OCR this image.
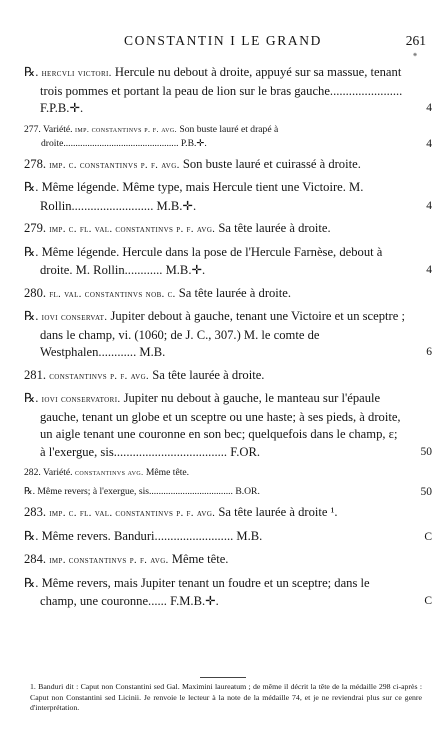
CONSTANTIN I LE GRAND	261
⁕
℞. hercvli victori. Hercule nu debout à droite, appuyé sur sa massue, tenant trois pommes et portant la peau de lion sur le bras gauche....................... F.P.B.✛.	4
277. Variété. imp. constantinvs p. f. avg. Son buste lauré et drapé à droite................................................ P.B.✛.	4
278. imp. c. constantinvs p. f. avg. Son buste lauré et cuirassé à droite.
℞. Même légende. Même type, mais Hercule tient une Victoire. M. Rollin.......................... M.B.✛.	4
279. imp. c. fl. val. constantinvs p. f. avg. Sa tête laurée à droite.
℞. Même légende. Hercule dans la pose de l'Hercule Farnèse, debout à droite. M. Rollin............ M.B.✛.	4
280. fl. val. constantinvs nob. c. Sa tête laurée à droite.
℞. iovi conservat. Jupiter debout à gauche, tenant une Victoire et un sceptre ; dans le champ, vi. (1060; de J. C., 307.) M. le comte de Westphalen............ M.B.	6
281. constantinvs p. f. avg. Sa tête laurée à droite.
℞. iovi conservatori. Jupiter nu debout à gauche, le manteau sur l'épaule gauche, tenant un globe et un sceptre ou une haste; à ses pieds, à droite, un aigle tenant une couronne en son bec; quelquefois dans le champ, ε; à l'exergue, sis.................................... F.OR.	50
282. Variété. constantinvs avg. Même tête.
℞. Même revers; à l'exergue, sis................................... B.OR.	50
283. imp. c. fl. val. constantinvs p. f. avg. Sa tête laurée à droite ¹.
℞. Même revers. Banduri......................... M.B.	C
284. imp. constantinvs p. f. avg. Même tête.
℞. Même revers, mais Jupiter tenant un foudre et un sceptre; dans le champ, une couronne...... F.M.B.✛.	C
1. Banduri dit : Caput non Constantini sed Gal. Maximini laureatum ; de même il décrit la tête de la médaille 298 ci-après : Caput non Constantini sed Licinii. Je renvoie le lecteur à la note de la médaille 74, et je ne reviendrai plus sur ce genre d'interprétation.
